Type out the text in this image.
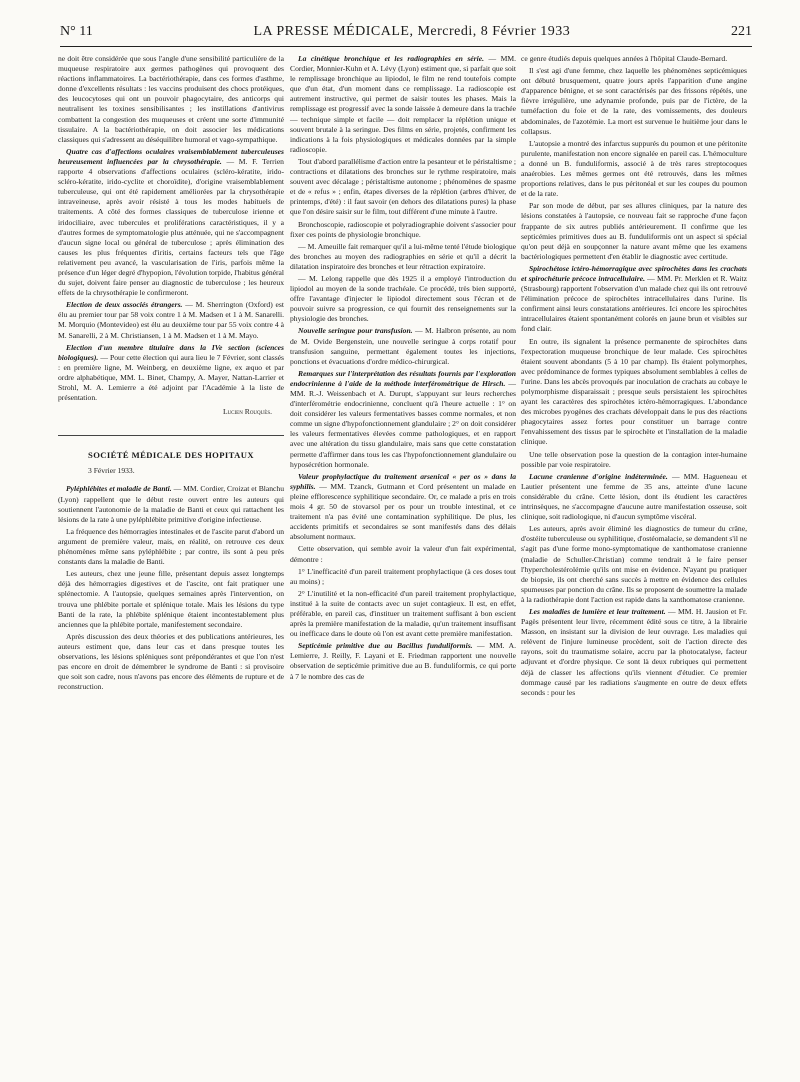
N° 11	LA PRESSE MÉDICALE, Mercredi, 8 Février 1933	221

ne doit être considérée que sous l'angle d'une sensibilité particulière de la muqueuse respiratoire aux germes pathogènes qui provoquent des réactions inflammatoires. La bactériothérapie, dans ces formes d'asthme, donne d'excellents résultats : les vaccins produisent des chocs protéiques, des leucocytoses qui ont un pouvoir phagocytaire, des anticorps qui neutralisent les toxines sensibilisantes ; les instillations d'antivirus combattent la congestion des muqueuses et créent une sorte d'immunité tissulaire. A la bactériothérapie, on doit associer les médications classiques qui s'adressent au déséquilibre humoral et vago-sympathique.

Quatre cas d'affections oculaires vraisemblablement tuberculeuses heureusement influencées par la chrysothérapie. — M. F. Terrien rapporte 4 observations d'affections oculaires (scléro-kératite, irido-scléro-kératite, irido-cyclite et choroïdite), d'origine vraisemblablement tuberculeuse, qui ont été rapidement améliorées par la chrysothérapie intraveineuse, après avoir résisté à tous les modes habituels de traitements. A côté des formes classiques de tuberculose irienne et iridociliaire, avec tubercules et proliférations caractéristiques, il y a d'autres formes de symptomatologie plus atténuée, qui ne s'accompagnent d'aucun signe local ou général de tuberculose ; après élimination des causes les plus fréquentes d'iritis, certains facteurs tels que l'âge relativement peu avancé, la vascularisation de l'iris, parfois même la présence d'un léger degré d'hypopion, l'évolution torpide, l'habitus général du sujet, doivent faire penser au diagnostic de tuberculose ; les heureux effets de la chrysothérapie le confirmeront.

Election de deux associés étrangers. — M. Sherrington (Oxford) est élu au premier tour par 58 voix contre 1 à M. Madsen et 1 à M. Sanarelli. M. Morquio (Montevideo) est élu au deuxième tour par 55 voix contre 4 à M. Sanarelli, 2 à M. Christiansen, 1 à M. Madsen et 1 à M. Mayo.

Election d'un membre titulaire dans la IVe section (sciences biologiques). — Pour cette élection qui aura lieu le 7 Février, sont classés : en première ligne, M. Weinberg, en deuxième ligne, ex æquo et par ordre alphabétique, MM. L. Binet, Champy, A. Mayer, Nattan-Larrier et Strohl, M. A. Lemierre a été adjoint par l'Académie à la liste de présentation.

Lucien Rouquès.

SOCIÉTÉ MÉDICALE DES HOPITAUX

3 Février 1933.

Pyléphlébites et maladie de Banti. — MM. Cordier, Croizat et Blanchu (Lyon) rappellent que le début reste ouvert entre les auteurs qui soutiennent l'autonomie de la maladie de Banti et ceux qui rattachent les lésions de la rate à une pyléphlébite primitive d'origine infectieuse.

La fréquence des hémorragies intestinales et de l'ascite parut d'abord un argument de première valeur, mais, en réalité, on retrouve ces deux phénomènes même sans pyléphlébite ; par contre, ils sont à peu près constants dans la maladie de Banti.

Les auteurs, chez une jeune fille, présentant depuis assez longtemps déjà des hémorragies digestives et de l'ascite, ont fait pratiquer une splénectomie. A l'autopsie, quelques semaines après l'intervention, on trouva une phlébite portale et splénique totale. Mais les lésions du type Banti de la rate, la phlébite splénique étaient incontestablement plus anciennes que la phlébite portale, manifestement secondaire.

Après discussion des deux théories et des publications antérieures, les auteurs estiment que, dans leur cas et dans presque toutes les observations, les lésions spléniques sont prépondérantes et que l'on n'est pas encore en droit de démembrer le syndrome de Banti : si provisoire que soit son cadre, nous n'avons pas encore des éléments de rupture et de reconstruction.

La cinétique bronchique et les radiographies en série. — MM. Cordier, Monnier-Kuhn et A. Lévy (Lyon) estiment que, si parfait que soit le remplissage bronchique au lipiodol, le film ne rend toutefois compte que d'un état, d'un moment dans ce remplissage. La radioscopie est autrement instructive, qui permet de saisir toutes les phases. Mais la remplissage est progressif avec la sonde laissée à demeure dans la trachée — technique simple et facile — doit remplacer la réplétion unique et souvent brutale à la seringue. Des films en série, projetés, confirment les indications à la fois physiologiques et médicales données par la simple radioscopie.

Tout d'abord parallélisme d'action entre la pesanteur et le péristaltisme ; contractions et dilatations des bronches sur le rythme respiratoire, mais souvent avec décalage ; péristaltisme autonome ; phénomènes de spasme et de « refus » ; enfin, étapes diverses de la réplétion (arbres d'hiver, de printemps, d'été) : il faut savoir (en dehors des dilatations pures) la phase que l'on désire saisir sur le film, tout différent d'une minute à l'autre.

Bronchoscopie, radioscopie et polyradiographie doivent s'associer pour fixer ces points de physiologie bronchique.

— M. Ameuille fait remarquer qu'il a lui-même tenté l'étude biologique des bronches au moyen des radiographies en série et qu'il a décrit la dilatation inspiratoire des bronches et leur rétraction expiratoire.

— M. Lelong rappelle que dès 1925 il a employé l'introduction du lipiodol au moyen de la sonde trachéale. Ce procédé, très bien supporté, offre l'avantage d'injecter le lipiodol directement sous l'écran et de pouvoir suivre sa progression, ce qui fournit des renseignements sur la physiologie des bronches.

Nouvelle seringue pour transfusion. — M. Halbron présente, au nom de M. Ovide Bergenstein, une nouvelle seringue à corps rotatif pour transfusion sanguine, permettant également toutes les injections, ponctions et évacuations d'ordre médico-chirurgical.

Remarques sur l'interprétation des résultats fournis par l'exploration endocrinienne à l'aide de la méthode interférométrique de Hirsch. — MM. R.-J. Weissenbach et A. Durupt, s'appuyant sur leurs recherches d'interférométrie endocrinienne, concluent qu'à l'heure actuelle : 1° on doit considérer les valeurs fermentatives basses comme normales, et non comme un signe d'hypofonctionnement glandulaire ; 2° on doit considérer les valeurs fermentatives élevées comme pathologiques, et en rapport avec une altération du tissu glandulaire, mais sans que cette constatation permette d'affirmer dans tous les cas l'hypofonctionnement glandulaire ou hyposécrétion hormonale.

Valeur prophylactique du traitement arsenical « per os » dans la syphilis. — MM. Tzanck, Gutmann et Cord présentent un malade en pleine efflorescence syphilitique secondaire. Or, ce malade a pris en trois mois 4 gr. 50 de stovarsol per os pour un trouble intestinal, et ce traitement n'a pas évité une contamination syphilitique. De plus, les accidents primitifs et secondaires se sont manifestés dans des délais absolument normaux.

Cette observation, qui semble avoir la valeur d'un fait expérimental, démontre :

1° L'inefficacité d'un pareil traitement prophylactique (à ces doses tout au moins) ;

2° L'inutilité et la non-efficacité d'un pareil traitement prophylactique, institué à la suite de contacts avec un sujet contagieux. Il est, en effet, préférable, en pareil cas, d'instituer un traitement suffisant à bon escient après la première manifestation de la maladie, qu'un traitement insuffisant ou inefficace dans le doute où l'on est avant cette première manifestation.

Septicémie primitive due au Bacillus funduliformis. — MM. A. Lemierre, J. Reilly, F. Layani et E. Friedman rapportent une nouvelle observation de septicémie primitive due au B. funduliformis, ce qui porte à 7 le nombre des cas de

ce genre étudiés depuis quelques années à l'hôpital Claude-Bernard.

Il s'est agi d'une femme, chez laquelle les phénomènes septicémiques ont débuté brusquement, quatre jours après l'apparition d'une angine d'apparence bénigne, et se sont caractérisés par des frissons répétés, une fièvre irrégulière, une adynamie profonde, puis par de l'ictère, de la tuméfaction du foie et de la rate, des vomissements, des douleurs abdominales, de l'azotémie. La mort est survenue le huitième jour dans le collapsus.

L'autopsie a montré des infarctus suppurés du poumon et une péritonite purulente, manifestation non encore signalée en pareil cas. L'hémoculture a donné un B. funduliformis, associé à de très rares streptocoques anaérobies. Les mêmes germes ont été retrouvés, dans les mêmes proportions relatives, dans le pus péritonéal et sur les coupes du poumon et de la rate.

Par son mode de début, par ses allures cliniques, par la nature des lésions constatées à l'autopsie, ce nouveau fait se rapproche d'une façon frappante de six autres publiés antérieurement. Il confirme que les septicémies primitives dues au B. funduliformis ont un aspect si spécial qu'on peut déjà en soupçonner la nature avant même que les examens bactériologiques permettent d'en établir le diagnostic avec certitude.

Spirochétose ictéro-hémorragique avec spirochètes dans les crachats et spirochéturie précoce intracellulaire. — MM. Pr. Merklen et R. Waitz (Strasbourg) rapportent l'observation d'un malade chez qui ils ont retrouvé l'élimination précoce de spirochètes intracellulaires dans l'urine. Ils confirment ainsi leurs constatations antérieures. Ici encore les spirochètes intracellulaires étaient spontanément colorés en jaune brun et visibles sur fond clair.

En outre, ils signalent la présence permanente de spirochètes dans l'expectoration muqueuse bronchique de leur malade. Ces spirochètes étaient souvent abondants (5 à 10 par champ). Ils étaient polymorphes, avec prédominance de formes typiques absolument semblables à celles de l'urine. Dans les abcès provoqués par inoculation de crachats au cobaye le polymorphisme disparaissait ; presque seuls persistaient les spirochètes ayant les caractères des spirochètes ictéro-hémorragiques. L'abondance des microbes pyogènes des crachats développait dans le pus des réactions phagocytaires assez fortes pour constituer un barrage contre l'envahissement des tissus par le spirochète et l'installation de la maladie clinique.

Une telle observation pose la question de la contagion inter-humaine possible par voie respiratoire.

Lacune cranienne d'origine indéterminée. — MM. Hagueneau et Lautier présentent une femme de 35 ans, atteinte d'une lacune considérable du crâne. Cette lésion, dont ils étudient les caractères intrinsèques, ne s'accompagne d'aucune autre manifestation osseuse, soit clinique, soit radiologique, ni d'aucun symptôme viscéral.

Les auteurs, après avoir éliminé les diagnostics de tumeur du crâne, d'ostéite tuberculeuse ou syphilitique, d'ostéomalacie, se demandent s'il ne s'agit pas d'une forme mono-symptomatique de xanthomatose cranienne (maladie de Schuller-Christian) comme tendrait à le faire penser l'hypercholestérolémie qu'ils ont mise en évidence. N'ayant pu pratiquer de biopsie, ils ont cherché sans succès à mettre en évidence des cellules spumeuses par ponction du crâne. Ils se proposent de soumettre la malade à la radiothérapie dont l'action est rapide dans la xanthomatose cranienne.

Les maladies de lumière et leur traitement. — MM. H. Jausion et Fr. Pagès présentent leur livre, récemment édité sous ce titre, à la librairie Masson, en insistant sur la division de leur ouvrage. Les maladies qui relèvent de l'injure lumineuse procèdent, soit de l'action directe des rayons, soit du traumatisme solaire, accru par la photocatalyse, facteur adjuvant et d'ordre physique. Ce sont là deux rubriques qui permettent déjà de classer les affections qu'ils viennent d'étudier. Ce premier dommage causé par les radiations s'augmente en outre de deux effets seconds : pour les
